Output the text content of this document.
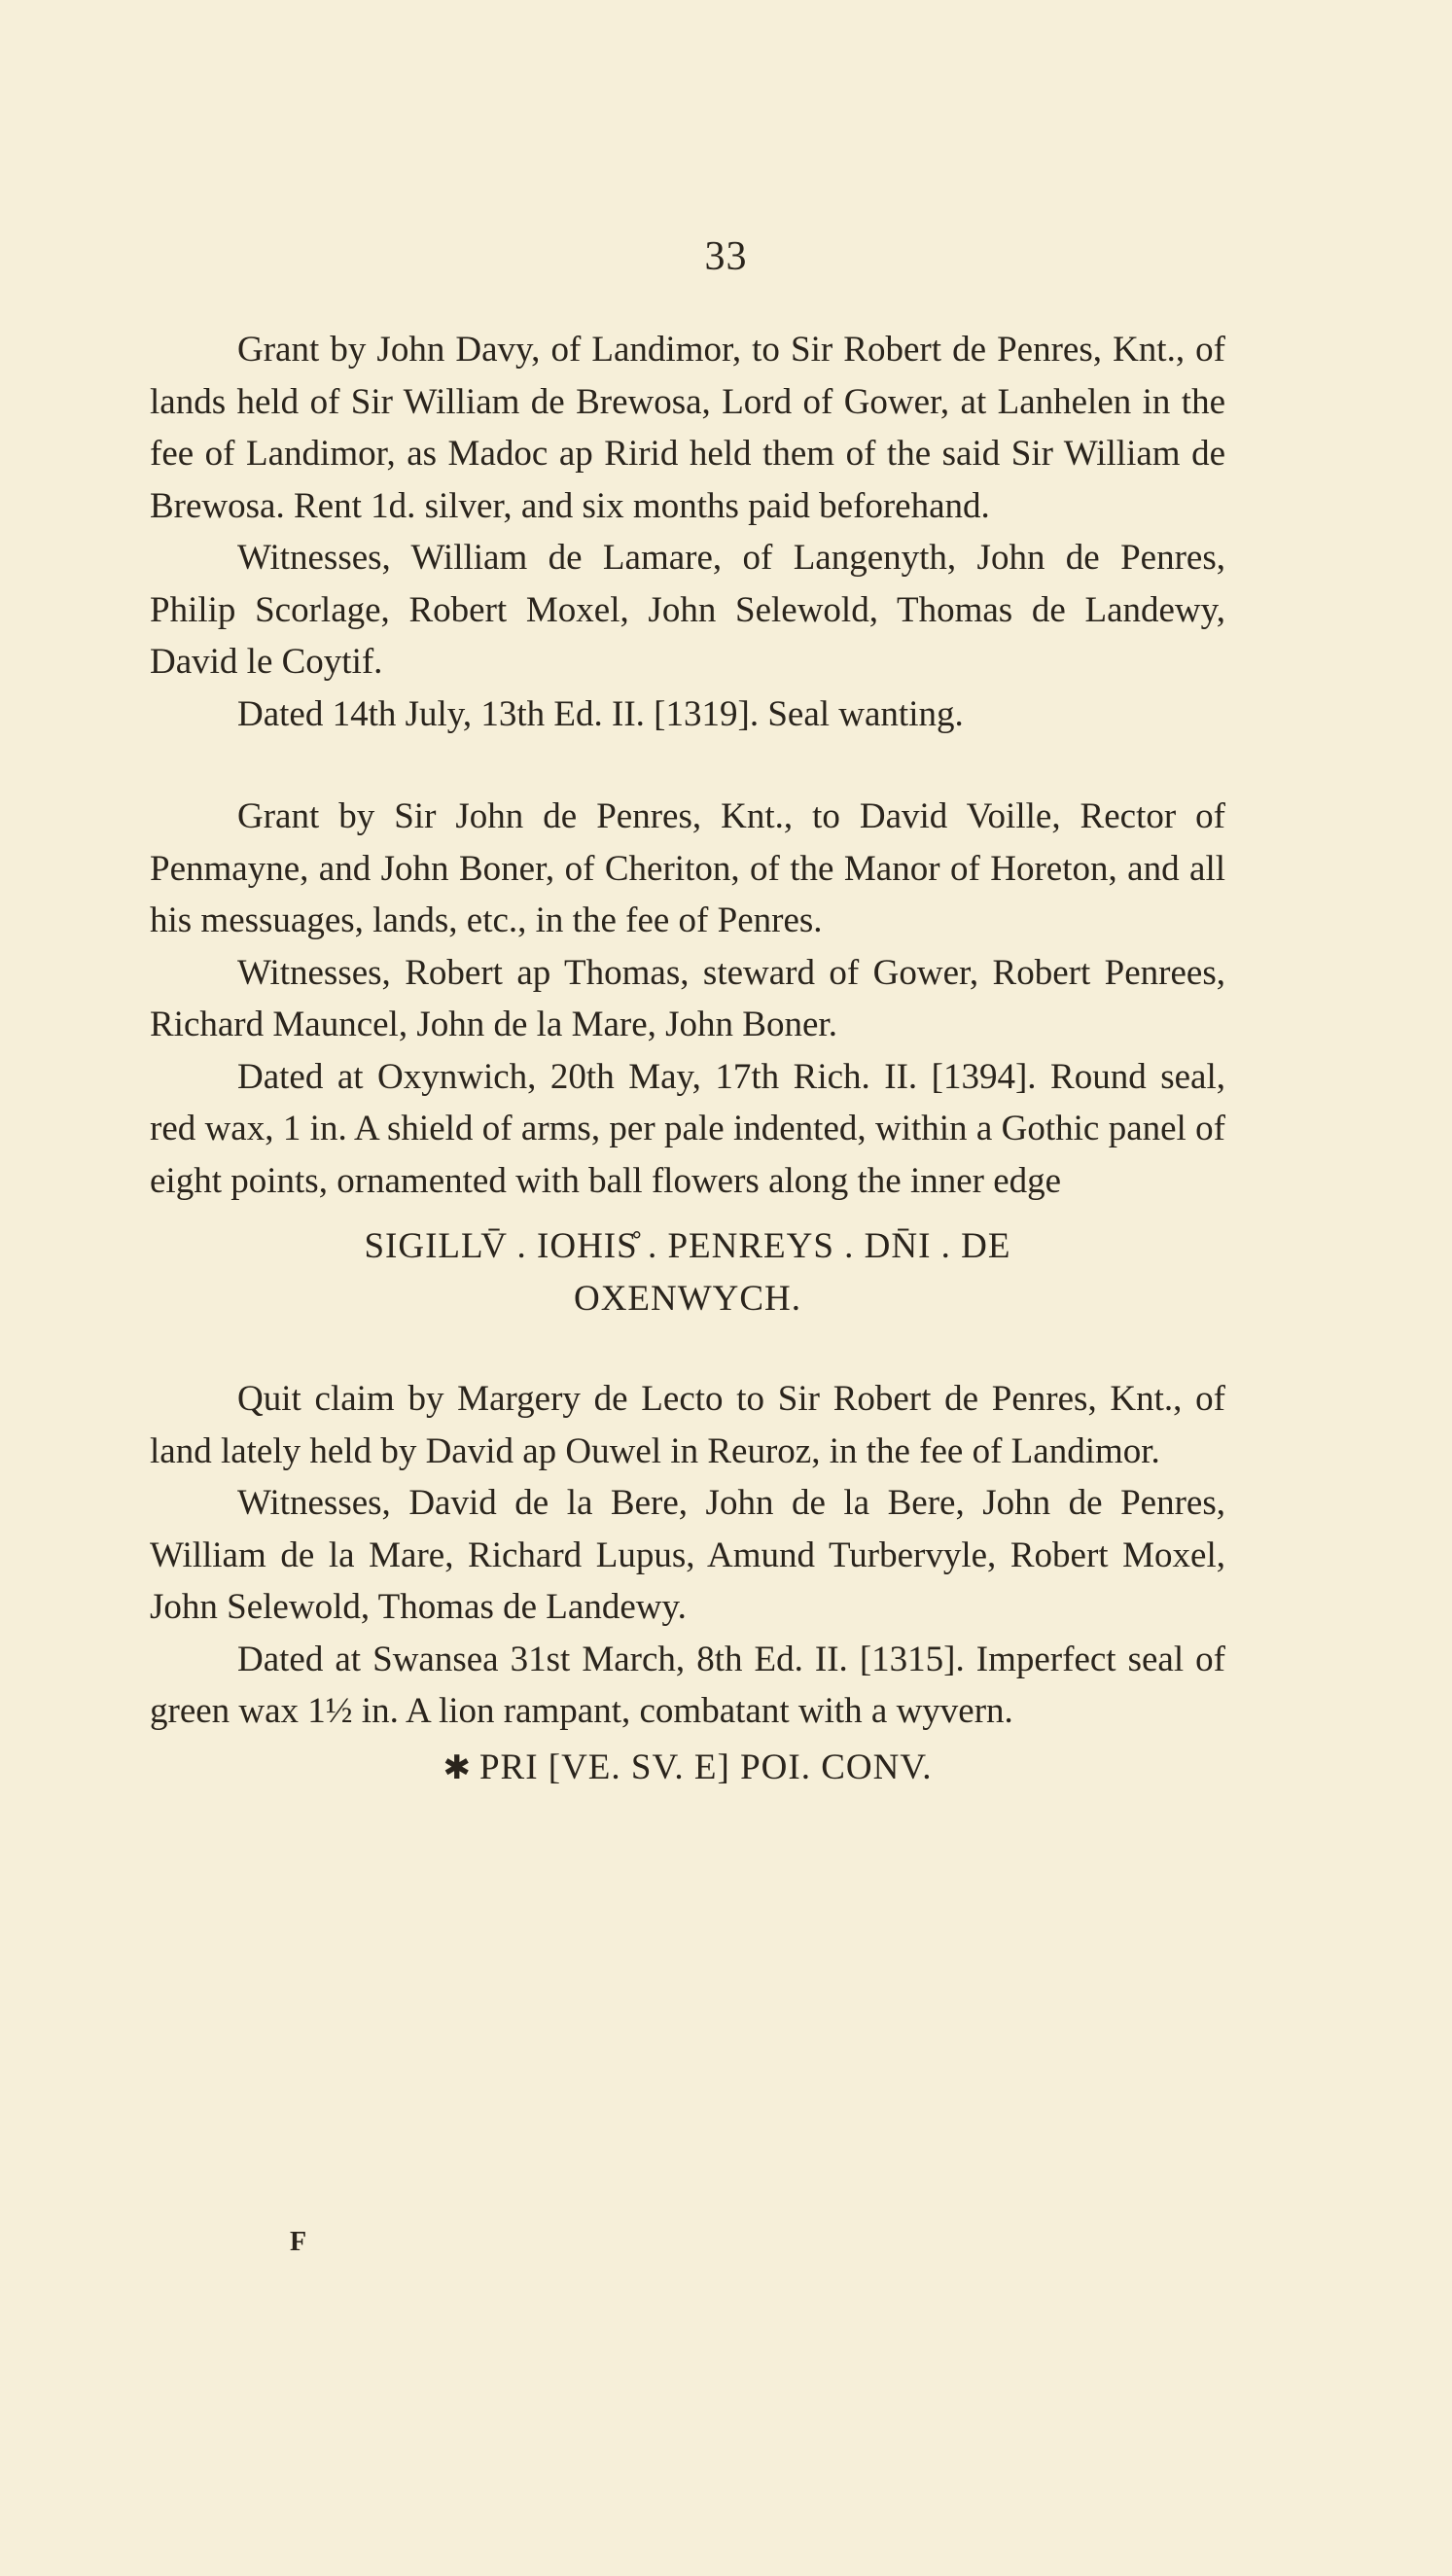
33

Grant by John Davy, of Landimor, to Sir Robert de Penres, Knt., of lands held of Sir William de Brewosa, Lord of Gower, at Lanhelen in the fee of Landimor, as Madoc ap Ririd held them of the said Sir William de Brewosa. Rent 1d. silver, and six months paid beforehand.

Witnesses, William de Lamare, of Langenyth, John de Penres, Philip Scorlage, Robert Moxel, John Selewold, Thomas de Landewy, David le Coytif.

Dated 14th July, 13th Ed. II. [1319]. Seal wanting.

Grant by Sir John de Penres, Knt., to David Voille, Rector of Penmayne, and John Boner, of Cheriton, of the Manor of Horeton, and all his messuages, lands, etc., in the fee of Penres.

Witnesses, Robert ap Thomas, steward of Gower, Robert Penrees, Richard Mauncel, John de la Mare, John Boner.

Dated at Oxynwich, 20th May, 17th Rich. II. [1394]. Round seal, red wax, 1 in. A shield of arms, per pale indented, within a Gothic panel of eight points, ornamented with ball flowers along the inner edge

SIGILLV̄ . IOHIS̊ . PENREYS . DN̄I . DE

OXENWYCH.

Quit claim by Margery de Lecto to Sir Robert de Penres, Knt., of land lately held by David ap Ouwel in Reuroz, in the fee of Landimor.

Witnesses, David de la Bere, John de la Bere, John de Penres, William de la Mare, Richard Lupus, Amund Turbervyle, Robert Moxel, John Selewold, Thomas de Landewy.

Dated at Swansea 31st March, 8th Ed. II. [1315]. Imperfect seal of green wax 1½ in. A lion rampant, combatant with a wyvern.

✱ PRI [VE. SV. E] POI. CONV.

F
